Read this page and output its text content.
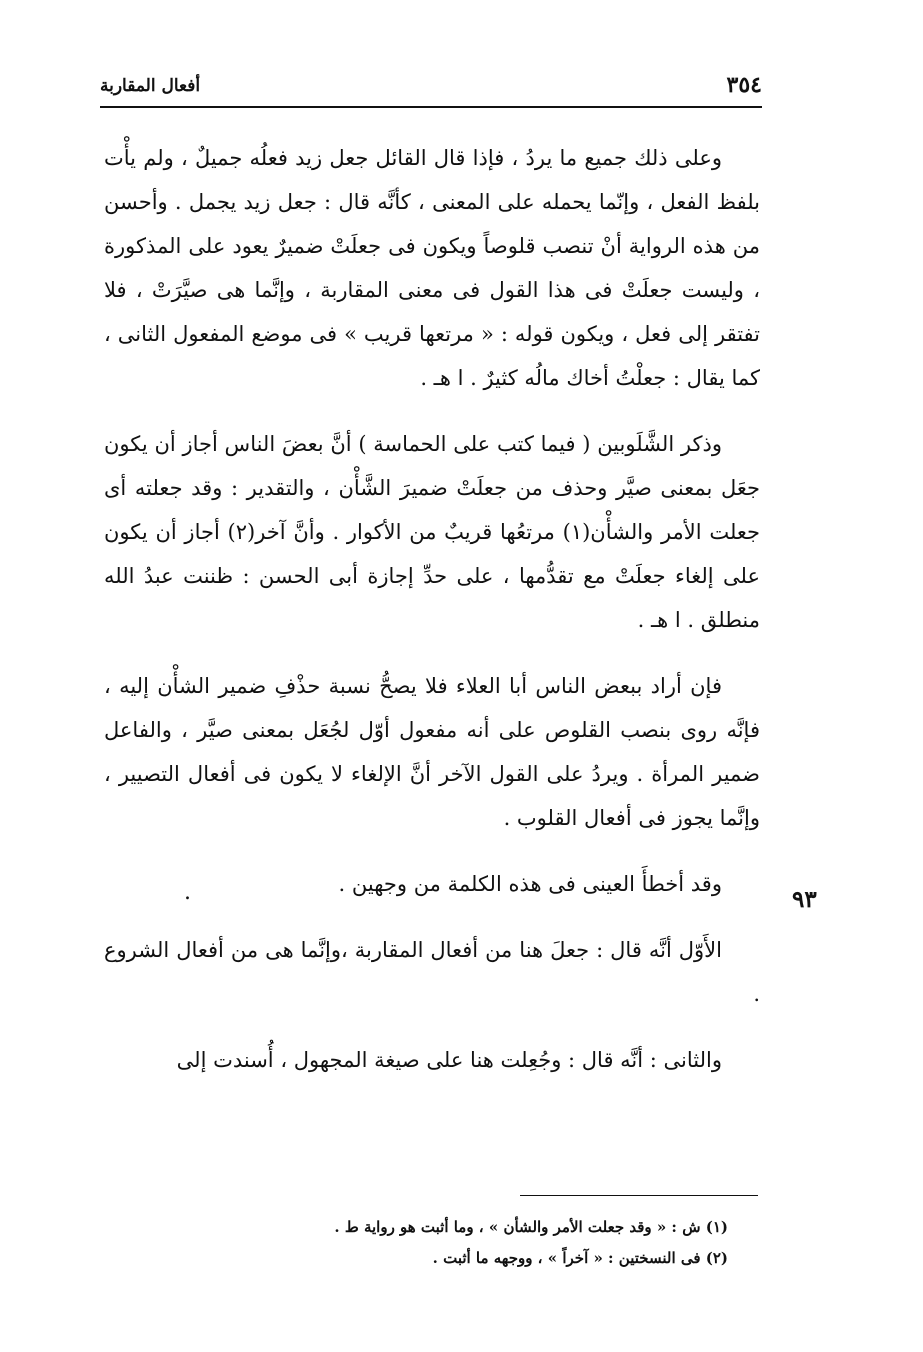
٣٥٤
أفعال المقاربة

وعلى ذلك جميع ما يردُ ، فإذا قال القائل جعل زيد فعلُه جميلٌ ، ولم يأْت بلفظ الفعل ، وإنّما يحمله على المعنى ، كأنَّه قال : جعل زيد يجمل . وأحسن من هذه الرواية أنْ تنصب قلوصاً ويكون فى جعلَتْ ضميرٌ يعود على المذكورة ، وليست جعلَتْ فى هذا القول فى معنى المقاربة ، وإنَّما هى صيَّرَتْ ، فلا تفتقر إلى فعل ، ويكون قوله : « مرتعها قريب » فى موضع المفعول الثانى ، كما يقال : جعلْتُ أخاك مالُه كثيرٌ . ا هـ .

وذكر الشَّلَوبين ( فيما كتب على الحماسة ) أنَّ بعضَ الناس أجاز أن يكون جعَل بمعنى صيَّر وحذف من جعلَتْ ضميرَ الشَّأْن ، والتقدير : وقد جعلته أى جعلت الأمر والشأْن(١) مرتعُها قريبٌ من الأكوار . وأنَّ آخر(٢) أجاز أن يكون على إلغاء جعلَتْ مع تقدُّمها ، على حدِّ إجازة أبى الحسن : ظننت عبدُ الله منطلق . ا هـ .

فإن أراد ببعض الناس أبا العلاء فلا يصحُّ نسبة حذْفِ ضمير الشأْن إليه ، فإنَّه روى بنصب القلوص على أنه مفعول أوّل لجُعَل بمعنى صيَّر ، والفاعل ضمير المرأة . ويردُ على القول الآخر أنَّ الإلغاء لا يكون فى أفعال التصيير ، وإنَّما يجوز فى أفعال القلوب .

وقد أخطأَ العينى فى هذه الكلمة من وجهين .

الأَوّل أنَّه قال : جعلَ هنا من أفعال المقاربة ،وإنَّما هى من أفعال الشروع .

والثانى : أنَّه قال : وجُعِلت هنا على صيغة المجهول ، أُسندت إلى

.	٩٣

(١) ش : « وقد جعلت الأمر والشأن » ، وما أثبت هو رواية ط .

(٢) فى النسختين : « آخراً » ، ووجهه ما أثبت .
